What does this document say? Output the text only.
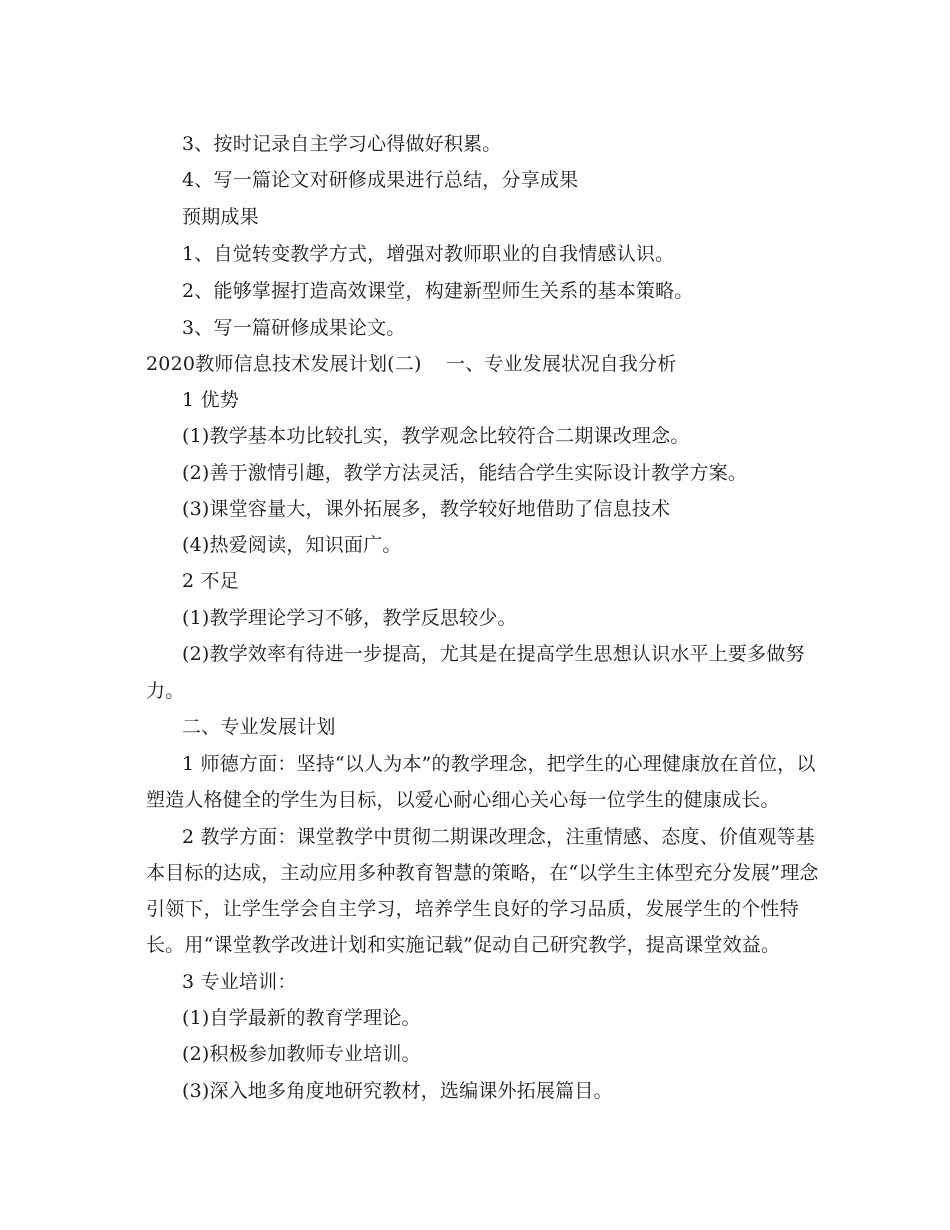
3、按时记录自主学习心得做好积累。
4、写一篇论文对研修成果进行总结，分享成果
预期成果
1、自觉转变教学方式，增强对教师职业的自我情感认识。
2、能够掌握打造高效课堂，构建新型师生关系的基本策略。
3、写一篇研修成果论文。
2020教师信息技术发展计划(二) 一、专业发展状况自我分析
1 优势
(1)教学基本功比较扎实，教学观念比较符合二期课改理念。
(2)善于激情引趣，教学方法灵活，能结合学生实际设计教学方案。
(3)课堂容量大，课外拓展多，教学较好地借助了信息技术
(4)热爱阅读，知识面广。
2 不足
(1)教学理论学习不够，教学反思较少。
(2)教学效率有待进一步提高，尤其是在提高学生思想认识水平上要多做努
力。
二、专业发展计划
1 师德方面：坚持“以人为本”的教学理念，把学生的心理健康放在首位，以
塑造人格健全的学生为目标，以爱心耐心细心关心每一位学生的健康成长。
2 教学方面：课堂教学中贯彻二期课改理念，注重情感、态度、价值观等基
本目标的达成，主动应用多种教育智慧的策略，在“以学生主体型充分发展”理念
引领下，让学生学会自主学习，培养学生良好的学习品质，发展学生的个性特
长。用“课堂教学改进计划和实施记载”促动自己研究教学，提高课堂效益。
3 专业培训：
(1)自学最新的教育学理论。
(2)积极参加教师专业培训。
(3)深入地多角度地研究教材，选编课外拓展篇目。
